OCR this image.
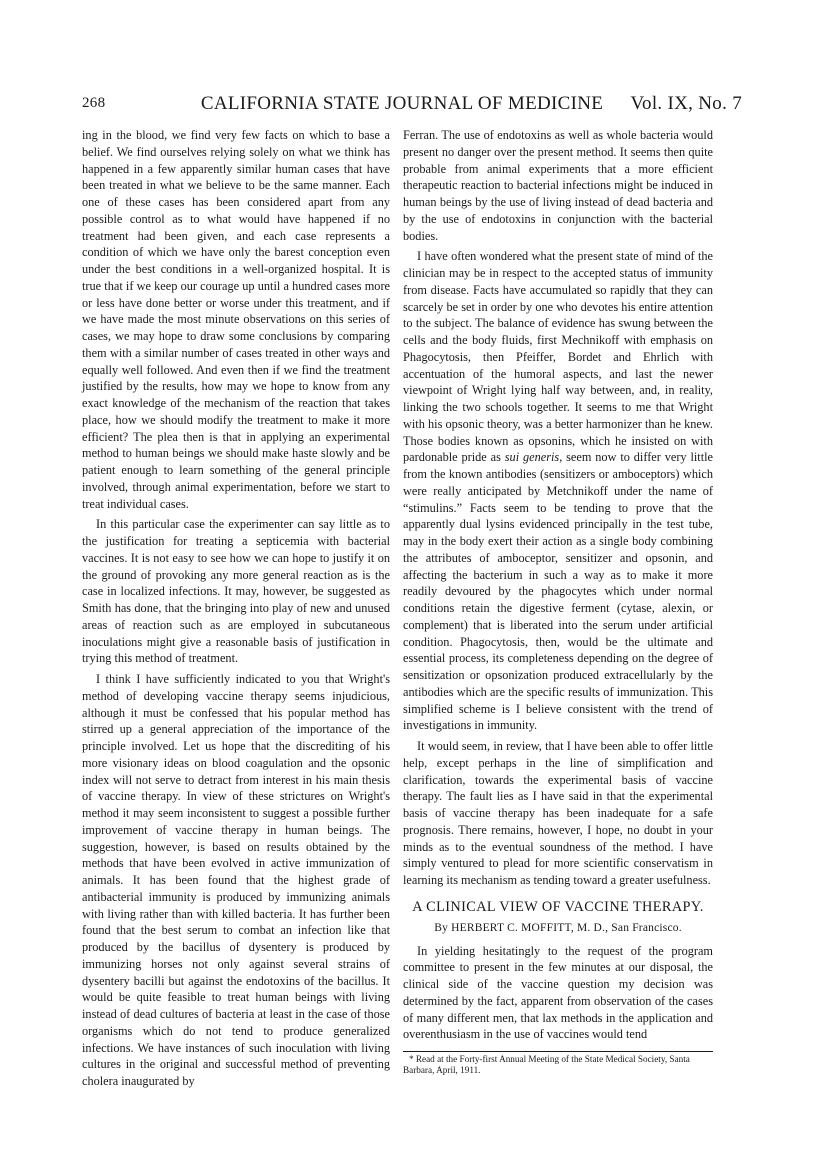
268	CALIFORNIA STATE JOURNAL OF MEDICINE	Vol. IX, No. 7

ing in the blood, we find very few facts on which to base a belief. We find ourselves relying solely on what we think has happened in a few apparently similar human cases that have been treated in what we believe to be the same manner. Each one of these cases has been considered apart from any possible control as to what would have happened if no treatment had been given, and each case represents a condition of which we have only the barest conception even under the best conditions in a well-organized hospital. It is true that if we keep our courage up until a hundred cases more or less have done better or worse under this treatment, and if we have made the most minute observations on this series of cases, we may hope to draw some conclusions by comparing them with a similar number of cases treated in other ways and equally well followed. And even then if we find the treatment justified by the results, how may we hope to know from any exact knowledge of the mechanism of the reaction that takes place, how we should modify the treatment to make it more efficient? The plea then is that in applying an experimental method to human beings we should make haste slowly and be patient enough to learn something of the general principle involved, through animal experimentation, before we start to treat individual cases.

In this particular case the experimenter can say little as to the justification for treating a septicemia with bacterial vaccines. It is not easy to see how we can hope to justify it on the ground of provoking any more general reaction as is the case in localized infections. It may, however, be suggested as Smith has done, that the bringing into play of new and unused areas of reaction such as are employed in subcutaneous inoculations might give a reasonable basis of justification in trying this method of treatment.

I think I have sufficiently indicated to you that Wright's method of developing vaccine therapy seems injudicious, although it must be confessed that his popular method has stirred up a general appreciation of the importance of the principle involved. Let us hope that the discrediting of his more visionary ideas on blood coagulation and the opsonic index will not serve to detract from interest in his main thesis of vaccine therapy. In view of these strictures on Wright's method it may seem inconsistent to suggest a possible further improvement of vaccine therapy in human beings. The suggestion, however, is based on results obtained by the methods that have been evolved in active immunization of animals. It has been found that the highest grade of antibacterial immunity is produced by immunizing animals with living rather than with killed bacteria. It has further been found that the best serum to combat an infection like that produced by the bacillus of dysentery is produced by immunizing horses not only against several strains of dysentery bacilli but against the endotoxins of the bacillus. It would be quite feasible to treat human beings with living instead of dead cultures of bacteria at least in the case of those organisms which do not tend to produce generalized infections. We have instances of such inoculation with living cultures in the original and successful method of preventing cholera inaugurated by

Ferran. The use of endotoxins as well as whole bacteria would present no danger over the present method. It seems then quite probable from animal experiments that a more efficient therapeutic reaction to bacterial infections might be induced in human beings by the use of living instead of dead bacteria and by the use of endotoxins in conjunction with the bacterial bodies.

I have often wondered what the present state of mind of the clinician may be in respect to the accepted status of immunity from disease. Facts have accumulated so rapidly that they can scarcely be set in order by one who devotes his entire attention to the subject. The balance of evidence has swung between the cells and the body fluids, first Mechnikoff with emphasis on Phagocytosis, then Pfeiffer, Bordet and Ehrlich with accentuation of the humoral aspects, and last the newer viewpoint of Wright lying half way between, and, in reality, linking the two schools together. It seems to me that Wright with his opsonic theory, was a better harmonizer than he knew. Those bodies known as opsonins, which he insisted on with pardonable pride as sui generis, seem now to differ very little from the known antibodies (sensitizers or amboceptors) which were really anticipated by Metchnikoff under the name of “stimulins.” Facts seem to be tending to prove that the apparently dual lysins evidenced principally in the test tube, may in the body exert their action as a single body combining the attributes of amboceptor, sensitizer and opsonin, and affecting the bacterium in such a way as to make it more readily devoured by the phagocytes which under normal conditions retain the digestive ferment (cytase, alexin, or complement) that is liberated into the serum under artificial condition. Phagocytosis, then, would be the ultimate and essential process, its completeness depending on the degree of sensitization or opsonization produced extracellularly by the antibodies which are the specific results of immunization. This simplified scheme is I believe consistent with the trend of investigations in immunity.

It would seem, in review, that I have been able to offer little help, except perhaps in the line of simplification and clarification, towards the experimental basis of vaccine therapy. The fault lies as I have said in that the experimental basis of vaccine therapy has been inadequate for a safe prognosis. There remains, however, I hope, no doubt in your minds as to the eventual soundness of the method. I have simply ventured to plead for more scientific conservatism in learning its mechanism as tending toward a greater usefulness.

A CLINICAL VIEW OF VACCINE THERAPY.
By HERBERT C. MOFFITT, M. D., San Francisco.

In yielding hesitatingly to the request of the program committee to present in the few minutes at our disposal, the clinical side of the vaccine question my decision was determined by the fact, apparent from observation of the cases of many different men, that lax methods in the application and overenthusiasm in the use of vaccines would tend

* Read at the Forty-first Annual Meeting of the State Medical Society, Santa Barbara, April, 1911.
